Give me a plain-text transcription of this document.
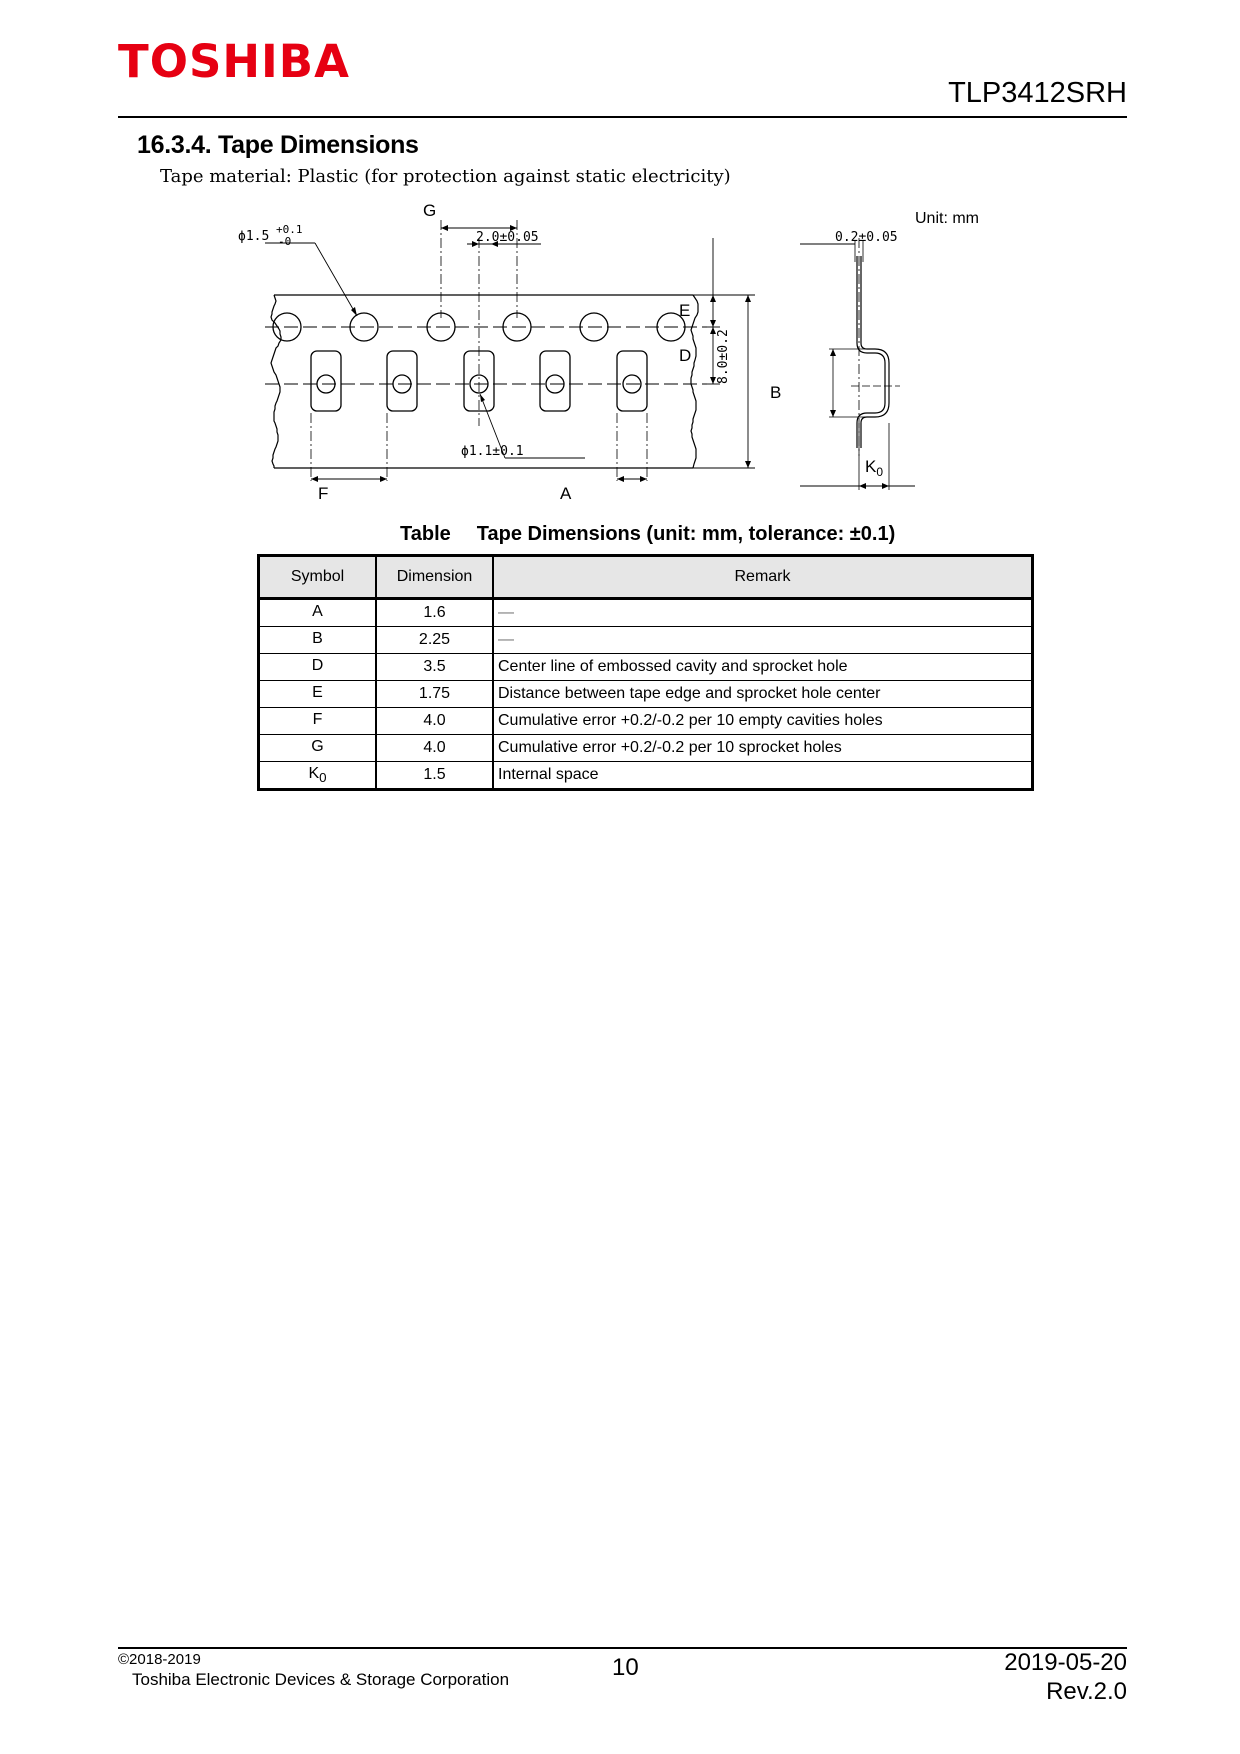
TOSHIBA
TLP3412SRH
16.3.4. Tape Dimensions
Tape material: Plastic (for protection against static electricity)
Unit: mm
G
ϕ1.5 +0.1
-0	2.0±0.05
E
D 8.0±0.2
ϕ1.1±0.1
F	A
0.2±0.05
B
$K_0$
Table Tape Dimensions (unit: mm, tolerance: ±0.1)
Symbol	Dimension	Remark
A	1.6	―
B	2.25	―
D	3.5	Center line of embossed cavity and sprocket hole
E	1.75	Distance between tape edge and sprocket hole center
F	4.0	Cumulative error +0.2/-0.2 per 10 empty cavities holes
G	4.0	Cumulative error +0.2/-0.2 per 10 sprocket holes
$K_0$	1.5	Internal space
©2018-2019
Toshiba Electronic Devices & Storage Corporation	10	2019-05-20
Rev.2.0
